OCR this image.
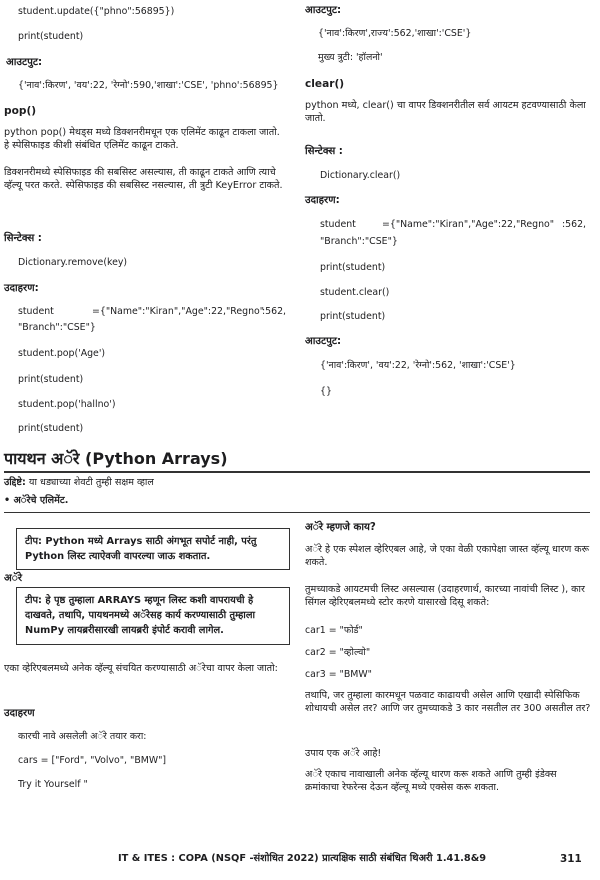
student.update({"phno":56895})
print(student)
आउटपुट:
{'नाव':किरण', 'वय':22, 'रेग्नो':590,'शाखा':'CSE', 'phno':56895}
pop()
python pop() मेथड्स मध्ये डिक्शनरीमधून एक एलिमेंट काढून टाकला जातो. हे स्पेसिफाइड कीशी संबंधित एलिमेंट काढून टाकते.
डिक्शनरीमध्ये स्पेसिफाइड की सबसिस्ट असल्यास, ती काढून टाकते आणि त्याचे व्हॅल्यू परत करते. स्पेसिफाइड की सबसिस्ट नसल्यास, ती त्रुटी KeyError टाकते.
सिन्टेक्स :
Dictionary.remove(key)
उदाहरण:
student	={"Name":"Kiran","Age":22,"Regno"
:562,
"Branch":"CSE"}
student.pop('Age')
print(student)
student.pop('hallno')
print(student)
आउटपुट:
{'नाव':किरण',राज्य':562,'शाखा':'CSE'}
मुख्य त्रुटी: 'हॉलनो'
clear()
python मध्ये, clear() चा वापर डिक्शनरीतील सर्व आयटम हटवण्यासाठी केला जातो.
सिन्टेक्स :
Dictionary.clear()
उदाहरण:
student	={"Name":"Kiran","Age":22,"Regno" :562,
"Branch":"CSE"}
print(student)
student.clear()
print(student)
आउटपुट:
{'नाव':किरण', 'वय':22, 'रेग्नो':562, 'शाखा':'CSE'}
{}
पायथन अॅरे (Python Arrays)
उद्दिष्टे: या धड्याच्या शेवटी तुम्ही सक्षम व्हाल
• अॅरेचे एलिमेंट.
टीप: Python मध्ये Arrays साठी अंगभूत सपोर्ट नाही, परंतु Python लिस्ट त्याऐवजी वापरल्या जाऊ शकतात.
अॅरे
टीप: हे पृष्ठ तुम्हाला ARRAYS म्हणून लिस्ट कशी वापरायची हे दाखवते, तथापि, पायथनमध्ये अॅरेसह कार्य करण्यासाठी तुम्हाला NumPy लायब्ररीसारखी लायब्ररी इंपोर्ट करावी लागेल.
एका व्हेरिएबलमध्ये अनेक व्हॅल्यू संचयित करण्यासाठी अॅरेचा वापर केला जातो:
उदाहरण
कारची नावे असलेली अॅरे तयार करा:
cars = ["Ford", "Volvo", "BMW"]
Try it Yourself "
अॅरे म्हणजे काय?
अॅरे हे एक स्पेशल व्हेरिएबल आहे, जे एका वेळी एकापेक्षा जास्त व्हॅल्यू धारण करू शकते.
तुमच्याकडे आयटमची लिस्ट असल्यास (उदाहरणार्थ, कारच्या नावांची लिस्ट ), कार सिंगल व्हेरिएबलमध्ये स्टोर करणे यासारखे दिसू शकते:
car1 = "फोर्ड"
car2 = "व्होल्वो"
car3 = "BMW"
तथापि, जर तुम्हाला कारमधून पळवाट काढायची असेल आणि एखादी स्पेसिफिक शोधायची असेल तर? आणि जर तुमच्याकडे 3 कार नसतील तर 300 असतील तर?
उपाय एक अॅरे आहे!
अॅरे एकाच नावाखाली अनेक व्हॅल्यू धारण करू शकते आणि तुम्ही इंडेक्स क्रमांकाचा रेफरेन्स देऊन व्हॅल्यू मध्ये एक्सेस करू शकता.
IT & ITES : COPA (NSQF -संशोधित 2022) प्रात्यक्षिक साठी संबंधित थिअरी 1.41.8&9	311
